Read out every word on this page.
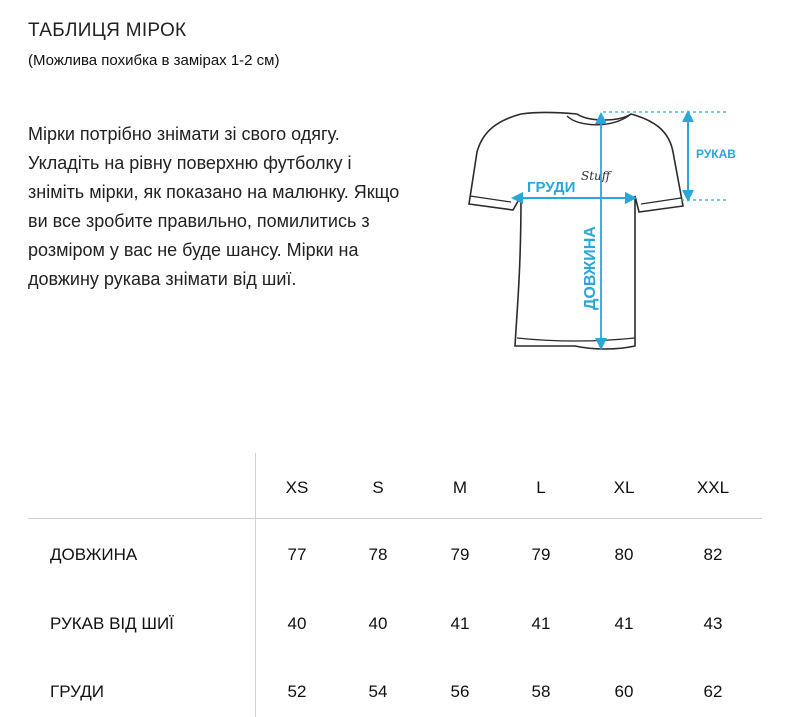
ТАБЛИЦЯ МІРОК
(Можлива похибка в замірах 1-2 см)

Мірки потрібно знімати зі свого одягу. Укладіть на рівну поверхню футболку і зніміть мірки, як показано на малюнку. Якщо ви все зробите правильно, помилитись з розміром у вас не буде шансу. Мірки на довжину рукава знімати від шиї.

РУКАВ
ГРУДИ
Stuff
ДОВЖИНА
XS	S	M	L	XL	XXL
ДОВЖИНА	77	78	79	79	80	82
РУКАВ ВІД ШИЇ	40	40	41	41	41	43
ГРУДИ	52	54	56	58	60	62
